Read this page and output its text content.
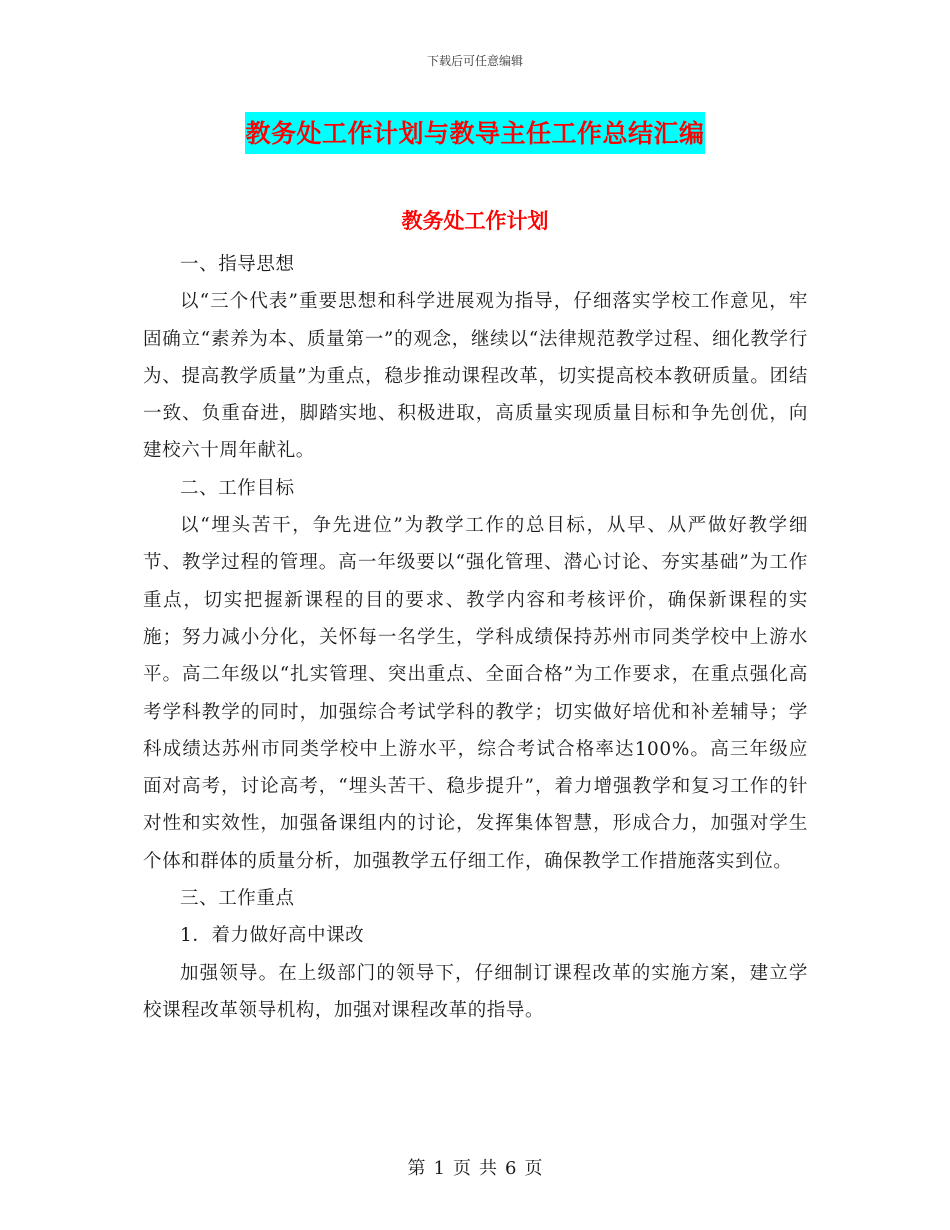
下载后可任意编辑
教务处工作计划与教导主任工作总结汇编
教务处工作计划

一、指导思想

以“三个代表”重要思想和科学进展观为指导，仔细落实学校工作意见，牢固确立“素养为本、质量第一”的观念，继续以“法律规范教学过程、细化教学行为、提高教学质量”为重点，稳步推动课程改革，切实提高校本教研质量。团结一致、负重奋进，脚踏实地、积极进取，高质量实现质量目标和争先创优，向建校六十周年献礼。

二、工作目标

以“埋头苦干，争先进位”为教学工作的总目标，从早、从严做好教学细节、教学过程的管理。高一年级要以“强化管理、潜心讨论、夯实基础”为工作重点，切实把握新课程的目的要求、教学内容和考核评价，确保新课程的实施；努力减小分化，关怀每一名学生，学科成绩保持苏州市同类学校中上游水平。高二年级以“扎实管理、突出重点、全面合格”为工作要求，在重点强化高考学科教学的同时，加强综合考试学科的教学；切实做好培优和补差辅导；学科成绩达苏州市同类学校中上游水平，综合考试合格率达100%。高三年级应面对高考，讨论高考，“埋头苦干、稳步提升”，着力增强教学和复习工作的针对性和实效性，加强备课组内的讨论，发挥集体智慧，形成合力，加强对学生个体和群体的质量分析，加强教学五仔细工作，确保教学工作措施落实到位。

三、工作重点

1．着力做好高中课改

加强领导。在上级部门的领导下，仔细制订课程改革的实施方案，建立学校课程改革领导机构，加强对课程改革的指导。

第 1 页 共 6 页
